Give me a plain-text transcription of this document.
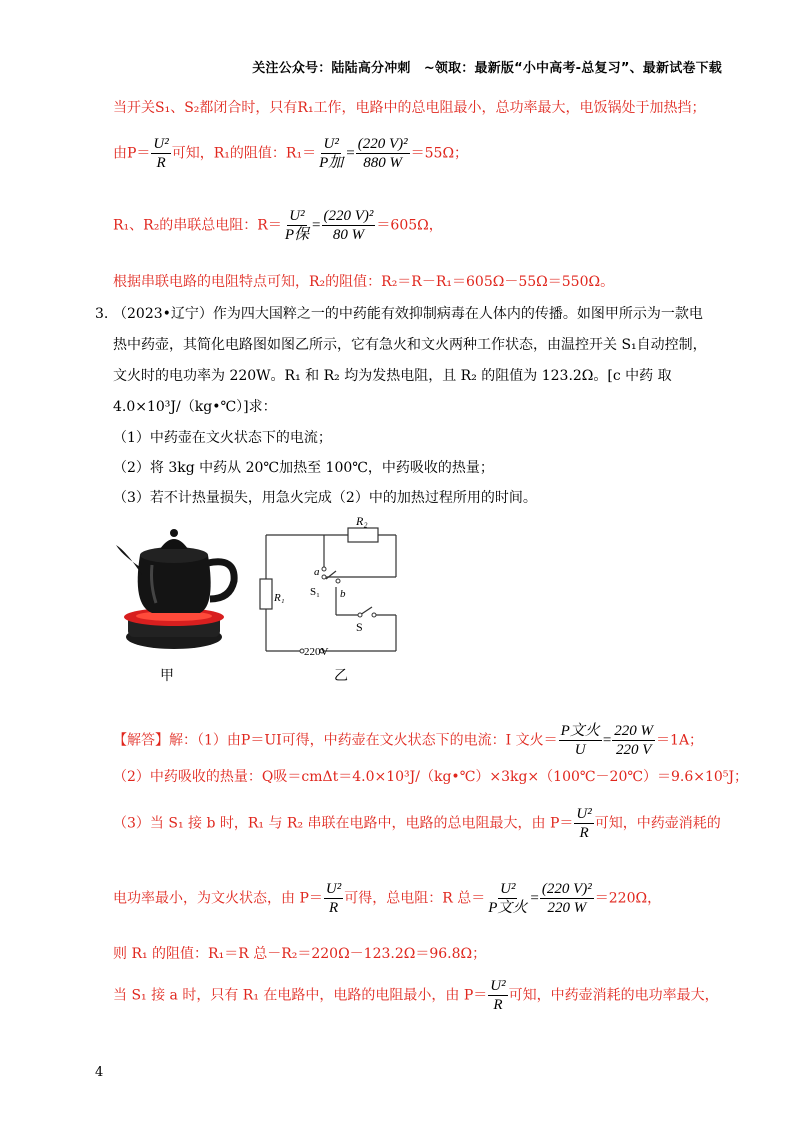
关注公众号：陆陆高分冲刺　~领取：最新版“小中高考-总复习”、最新试卷下载
当开关S₁、S₂都闭合时，只有R₁工作，电路中的总电阻最小，总功率最大，电饭锅处于加热挡；
由$P= \frac{\text{U²}}{R}$ 可知，R₁的阻值：$R_1= \frac{\text{U²}}{\text{P加}} = \frac{\text{(220 V)²}}{880 W} =55\Omega$；
R₁、R₂的串联总电阻：$R= \frac{\text{U²}}{\text{P保}} = \frac{\text{(220 V)²}}{80 W} =605\Omega$，
根据串联电路的电阻特点可知，R₂的阻值：R₂＝R－R₁＝605Ω－55Ω＝550Ω。
3. （2023•辽宁）作为四大国粹之一的中药能有效抑制病毒在人体内的传播。如图甲所示为一款电
热中药壶，其简化电路图如图乙所示，它有急火和文火两种工作状态，由温控开关 S₁自动控制，
文火时的电功率为 220W。R₁ 和 R₂ 均为发热电阻，且 R₂ 的阻值为 123.2Ω。[c 中药 取
4.0×10³J/（kg•℃）]求：
（1）中药壶在文火状态下的电流；
（2）将 3kg 中药从 20℃加热至 100℃，中药吸收的热量；
（3）若不计热量损失，用急火完成（2）中的加热过程所用的时间。
R₂
R₁
a
b
S₁
S
220V
甲	乙
【解答】解：（1）由P＝UI可得，中药壶在文火状态下的电流：I 文火＝ $\frac{\text{P文火}}{U} = \frac{220 W}{220 V} =1A$；
（2）中药吸收的热量：Q吸＝cmΔt＝4.0×10³J/（kg•℃）×3kg×（100℃－20℃）＝9.6×10⁵J；
（3）当 S₁ 接 b 时，R₁ 与 R₂ 串联在电路中，电路的总电阻最大，由 $P= \frac{\text{U²}}{R}$ 可知，中药壶消耗的
电功率最小，为文火状态，由 $P= \frac{\text{U²}}{R}$ 可得，总电阻：R 总＝ $\frac{\text{U²}}{\text{P文火}} = \frac{\text{(220 V)²}}{220 W} =220\Omega$，
则 R₁ 的阻值：R₁＝R 总－R₂＝220Ω－123.2Ω＝96.8Ω；
当 S₁ 接 a 时，只有 R₁ 在电路中，电路的电阻最小，由 $P= \frac{\text{U²}}{R}$ 可知，中药壶消耗的电功率最大，
4
